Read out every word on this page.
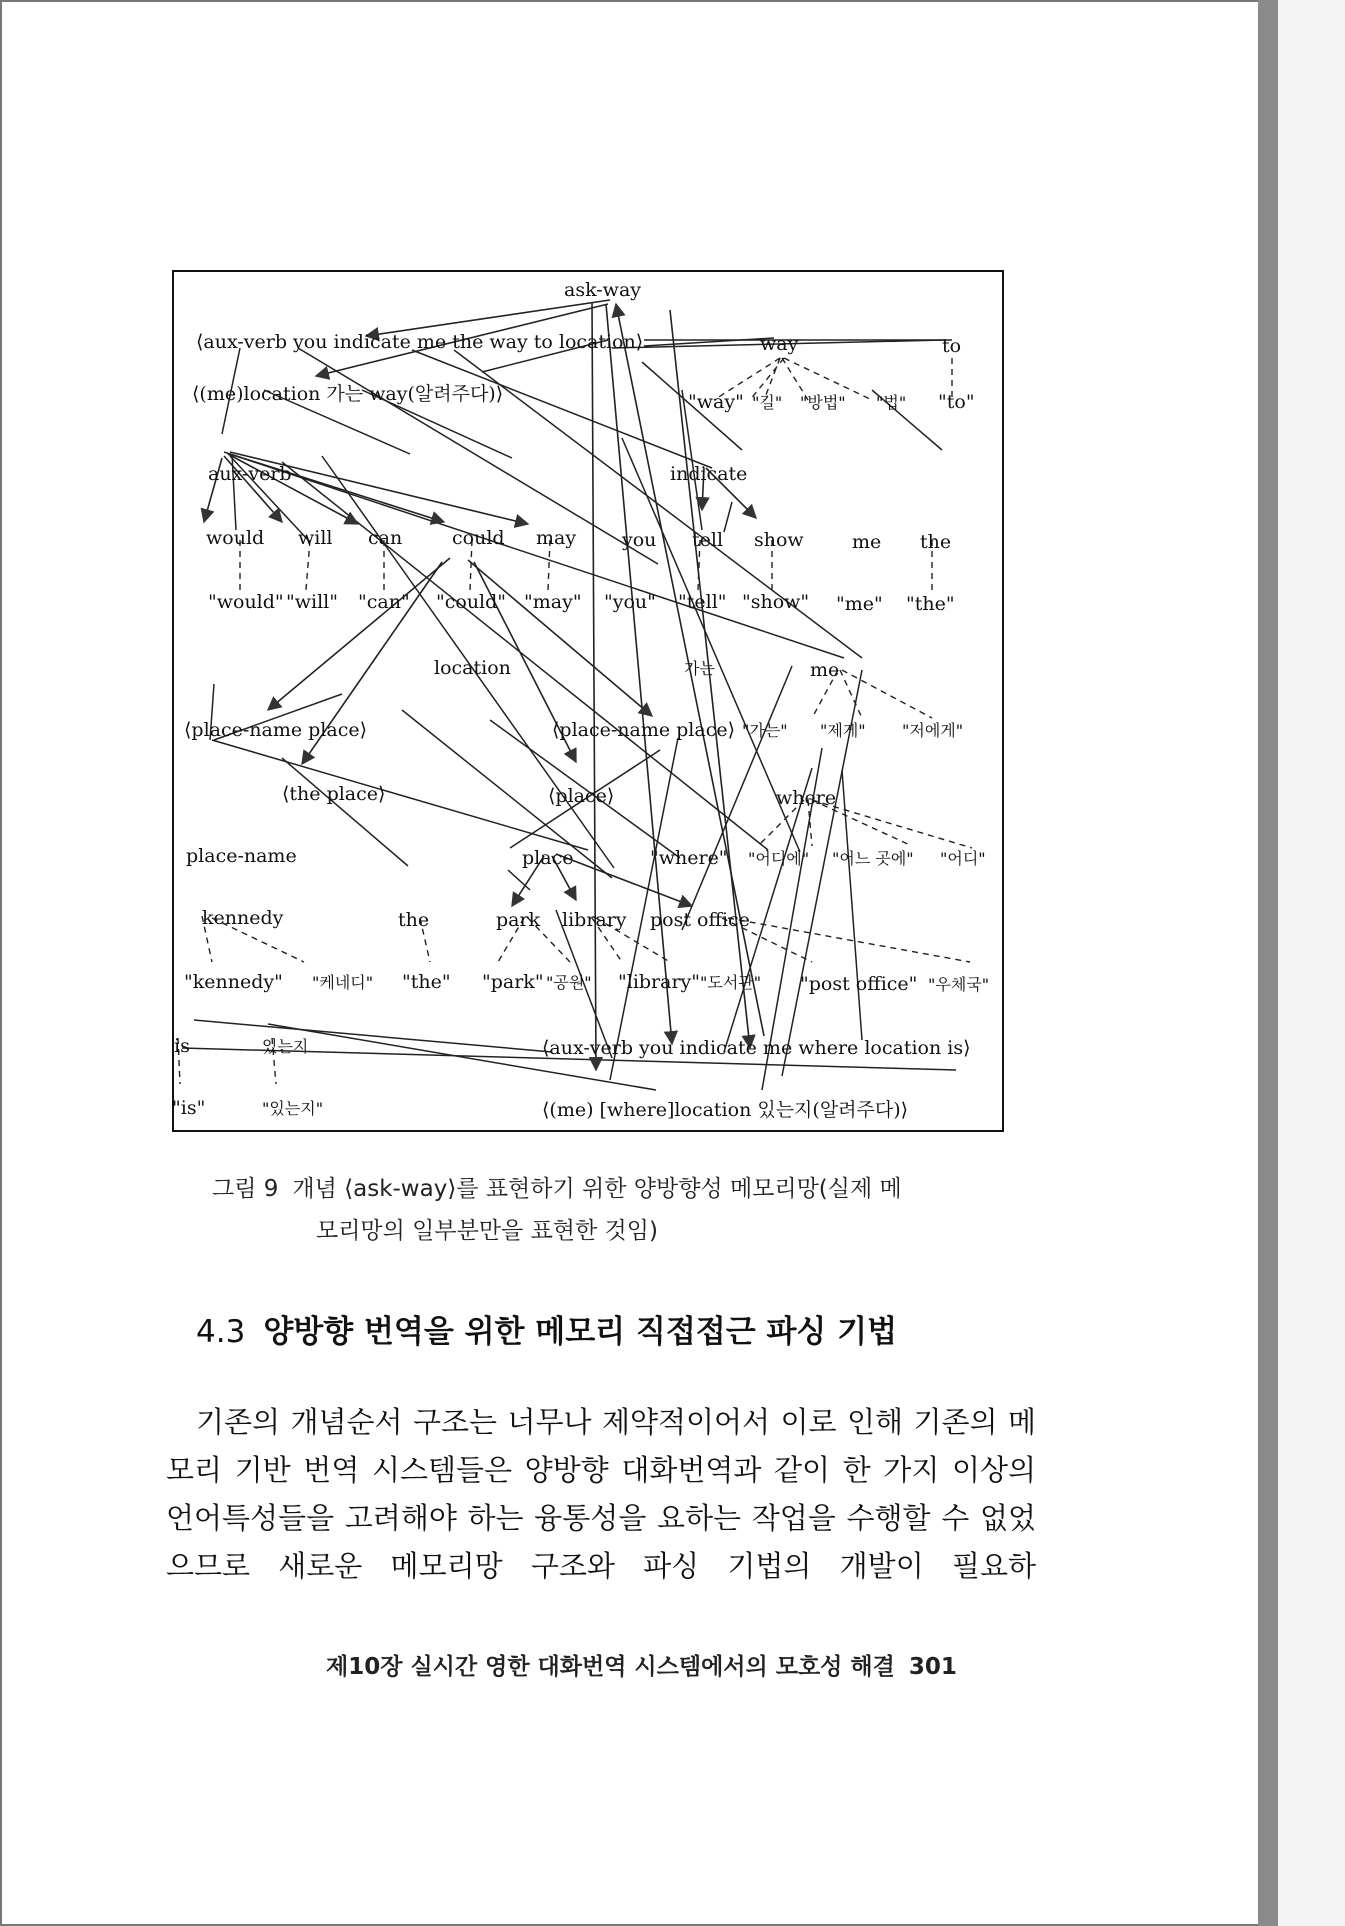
ask-way
⟨aux-verb you indicate me the way to location⟩	way	to
⟨(me)location 가는 way(알려주다)⟩	"way" "길" "방법" "법" "to"
aux-verb	indicate
would will can	could may you tell show	me the
"would" "will" "can" "could" "may" "you" "tell" "show" "me" "the"
location	가는	me
⟨place-name place⟩	⟨place-name place⟩ "가는" "제게" "저에게"
⟨the place⟩	⟨place⟩	where
place-name	place	"where" "어디에" "어느 곳에" "어디"
kennedy	the	park library post office
"kennedy" "케네디" "the" "park" "공원" "library" "도서관" "post office" "우체국"
is	있는지	⟨aux-verb you indicate me where location is⟩
"is"	"있는지"	⟨(me) [where]location 있는지(알려주다)⟩
그림 9 개념 ⟨ask-way⟩를 표현하기 위한 양방향성 메모리망(실제 메
모리망의 일부분만을 표현한 것임)
4.3 양방향 번역을 위한 메모리 직접접근 파싱 기법

기존의 개념순서 구조는 너무나 제약적이어서 이로 인해 기존의 메모리 기반 번역 시스템들은 양방향 대화번역과 같이 한 가지 이상의 언어특성들을 고려해야 하는 융통성을 요하는 작업을 수행할 수 없었으므로 새로운 메모리망 구조와 파싱 기법의 개발이 필요하

제10장 실시간 영한 대화번역 시스템에서의 모호성 해결 301
